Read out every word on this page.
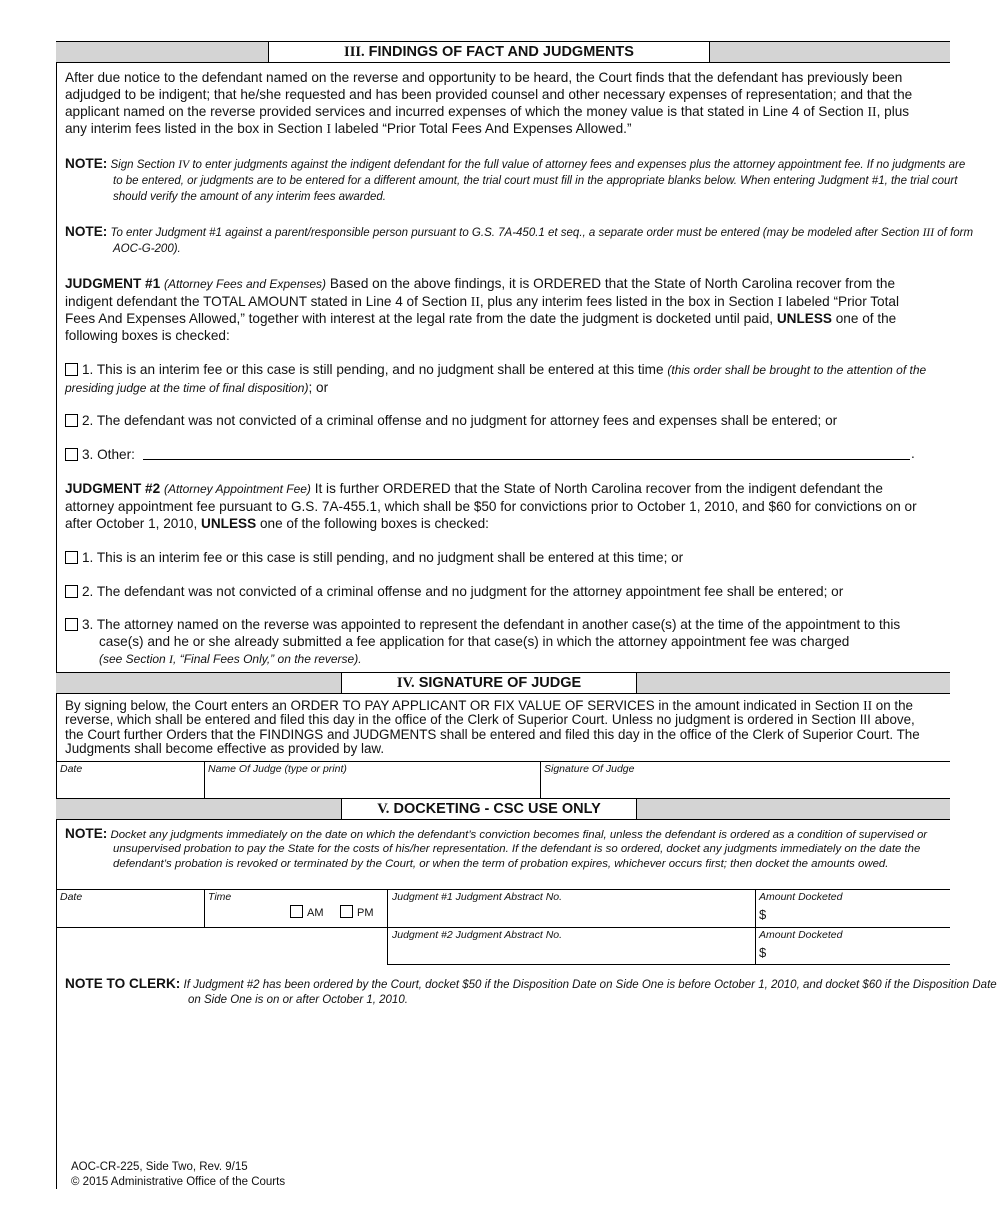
III. FINDINGS OF FACT AND JUDGMENTS
After due notice to the defendant named on the reverse and opportunity to be heard, the Court finds that the defendant has previously been adjudged to be indigent; that he/she requested and has been provided counsel and other necessary expenses of representation; and that the applicant named on the reverse provided services and incurred expenses of which the money value is that stated in Line 4 of Section II, plus any interim fees listed in the box in Section I labeled “Prior Total Fees And Expenses Allowed.”
NOTE: Sign Section IV to enter judgments against the indigent defendant for the full value of attorney fees and expenses plus the attorney appointment fee. If no judgments are to be entered, or judgments are to be entered for a different amount, the trial court must fill in the appropriate blanks below. When entering Judgment #1, the trial court should verify the amount of any interim fees awarded.
NOTE: To enter Judgment #1 against a parent/responsible person pursuant to G.S. 7A-450.1 et seq., a separate order must be entered (may be modeled after Section III of form AOC-G-200).
JUDGMENT #1 (Attorney Fees and Expenses) Based on the above findings, it is ORDERED that the State of North Carolina recover from the indigent defendant the TOTAL AMOUNT stated in Line 4 of Section II, plus any interim fees listed in the box in Section I labeled “Prior Total Fees And Expenses Allowed,” together with interest at the legal rate from the date the judgment is docketed until paid, UNLESS one of the following boxes is checked:
1. This is an interim fee or this case is still pending, and no judgment shall be entered at this time (this order shall be brought to the attention of the presiding judge at the time of final disposition); or
2. The defendant was not convicted of a criminal offense and no judgment for attorney fees and expenses shall be entered; or
3. Other:	.
JUDGMENT #2 (Attorney Appointment Fee) It is further ORDERED that the State of North Carolina recover from the indigent defendant the attorney appointment fee pursuant to G.S. 7A-455.1, which shall be $50 for convictions prior to October 1, 2010, and $60 for convictions on or after October 1, 2010, UNLESS one of the following boxes is checked:
1. This is an interim fee or this case is still pending, and no judgment shall be entered at this time; or
2. The defendant was not convicted of a criminal offense and no judgment for the attorney appointment fee shall be entered; or
3. The attorney named on the reverse was appointed to represent the defendant in another case(s) at the time of the appointment to this case(s) and he or she already submitted a fee application for that case(s) in which the attorney appointment fee was charged
(see Section I, “Final Fees Only,” on the reverse).
IV. SIGNATURE OF JUDGE
By signing below, the Court enters an ORDER TO PAY APPLICANT OR FIX VALUE OF SERVICES in the amount indicated in Section II on the reverse, which shall be entered and filed this day in the office of the Clerk of Superior Court. Unless no judgment is ordered in Section III above, the Court further Orders that the FINDINGS and JUDGMENTS shall be entered and filed this day in the office of the Clerk of Superior Court. The Judgments shall become effective as provided by law.
Date	Name Of Judge (type or print)	Signature Of Judge
V. DOCKETING - CSC USE ONLY
NOTE: Docket any judgments immediately on the date on which the defendant’s conviction becomes final, unless the defendant is ordered as a condition of supervised or unsupervised probation to pay the State for the costs of his/her representation. If the defendant is so ordered, docket any judgments immediately on the date the defendant’s probation is revoked or terminated by the Court, or when the term of probation expires, whichever occurs first; then docket the amounts owed.
Date	Time
AM	PM
Judgment #1 Judgment Abstract No.	Amount Docketed
$
Judgment #2 Judgment Abstract No.	Amount Docketed
$
NOTE TO CLERK: If Judgment #2 has been ordered by the Court, docket $50 if the Disposition Date on Side One is before October 1, 2010, and docket $60 if the Disposition Date on Side One is on or after October 1, 2010.
AOC-CR-225, Side Two, Rev. 9/15
© 2015 Administrative Office of the Courts
